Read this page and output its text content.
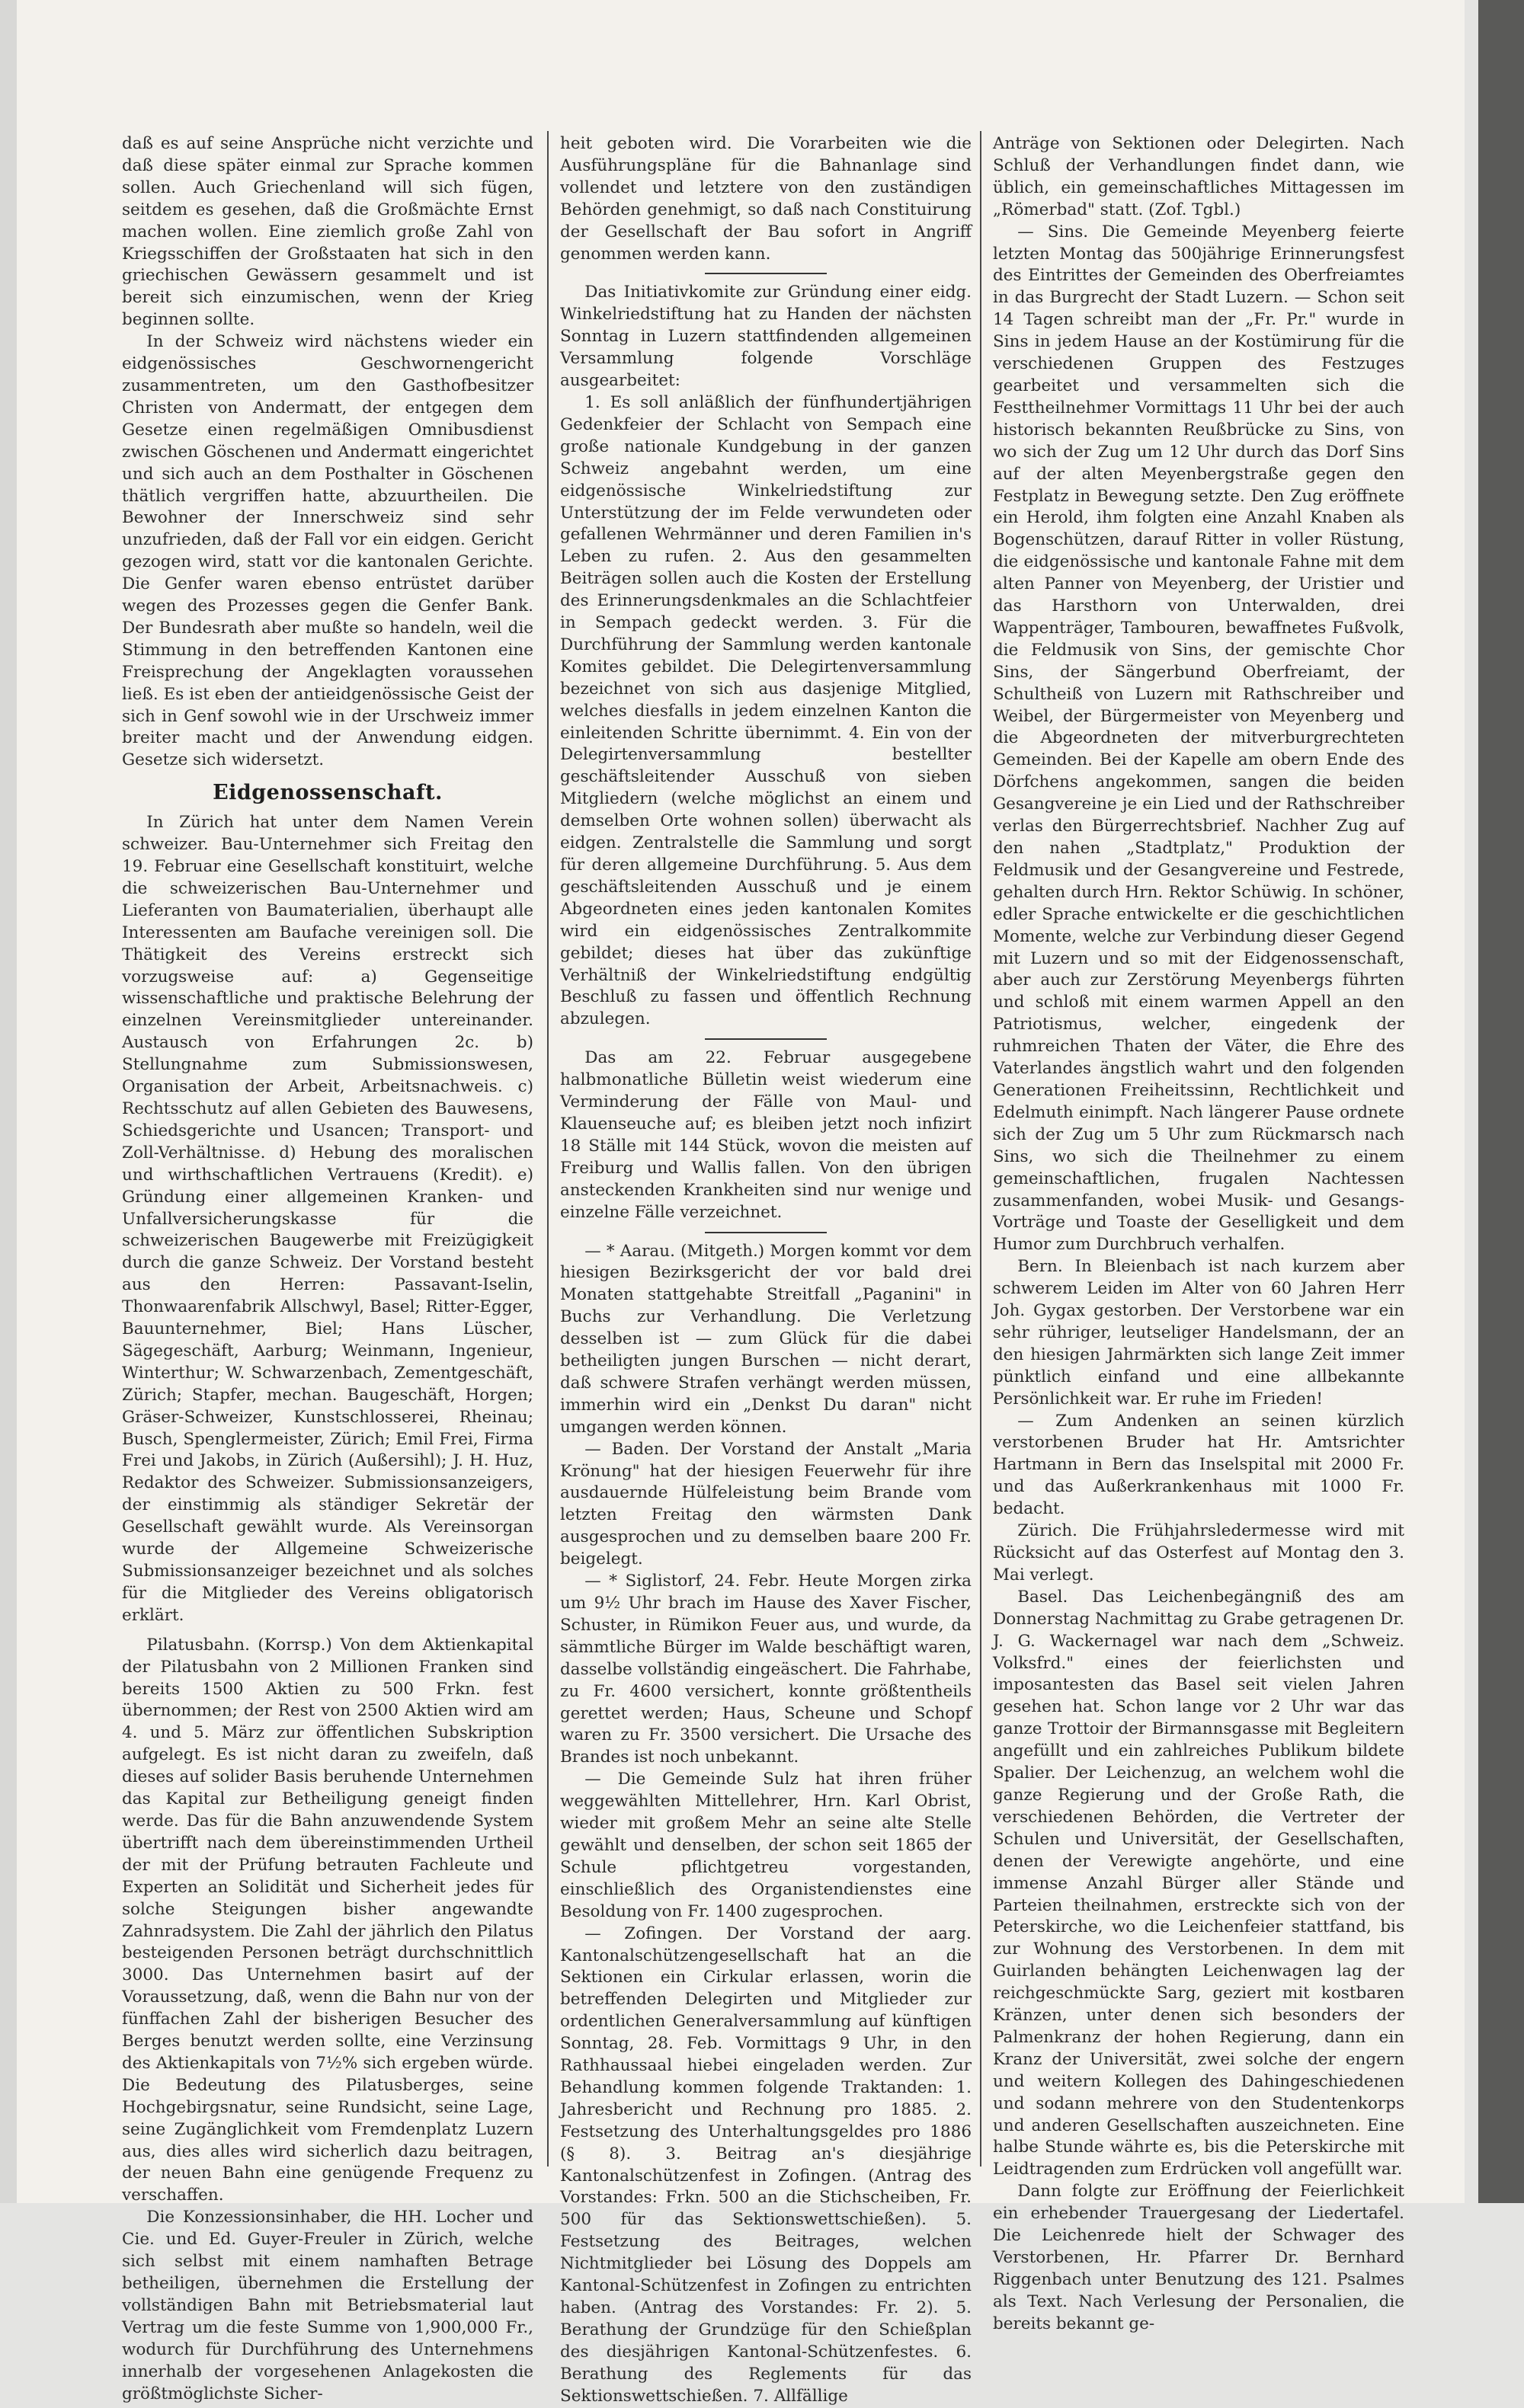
daß es auf seine Ansprüche nicht verzichte und daß diese später einmal zur Sprache kommen sollen. Auch Griechenland will sich fügen, seitdem es gesehen, daß die Großmächte Ernst machen wollen. Eine ziemlich große Zahl von Kriegsschiffen der Großstaaten hat sich in den griechischen Gewässern gesammelt und ist bereit sich einzumischen, wenn der Krieg beginnen sollte.

In der Schweiz wird nächstens wieder ein eidgenössisches Geschwornengericht zusammentreten, um den Gasthofbesitzer Christen von Andermatt, der entgegen dem Gesetze einen regelmäßigen Omnibusdienst zwischen Göschenen und Andermatt eingerichtet und sich auch an dem Posthalter in Göschenen thätlich vergriffen hatte, abzuurtheilen. Die Bewohner der Innerschweiz sind sehr unzufrieden, daß der Fall vor ein eidgen. Gericht gezogen wird, statt vor die kantonalen Gerichte. Die Genfer waren ebenso entrüstet darüber wegen des Prozesses gegen die Genfer Bank. Der Bundesrath aber mußte so handeln, weil die Stimmung in den betreffenden Kantonen eine Freisprechung der Angeklagten voraussehen ließ. Es ist eben der antieidgenössische Geist der sich in Genf sowohl wie in der Urschweiz immer breiter macht und der Anwendung eidgen. Gesetze sich widersetzt.

Eidgenossenschaft.

In Zürich hat unter dem Namen Verein schweizer. Bau-Unternehmer sich Freitag den 19. Februar eine Gesellschaft konstituirt, welche die schweizerischen Bau-Unternehmer und Lieferanten von Baumaterialien, überhaupt alle Interessenten am Baufache vereinigen soll. Die Thätigkeit des Vereins erstreckt sich vorzugsweise auf: a) Gegenseitige wissenschaftliche und praktische Belehrung der einzelnen Vereinsmitglieder untereinander. Austausch von Erfahrungen 2c. b) Stellungnahme zum Submissionswesen, Organisation der Arbeit, Arbeitsnachweis. c) Rechtsschutz auf allen Gebieten des Bauwesens, Schiedsgerichte und Usancen; Transport- und Zoll-Verhältnisse. d) Hebung des moralischen und wirthschaftlichen Vertrauens (Kredit). e) Gründung einer allgemeinen Kranken- und Unfallversicherungskasse für die schweizerischen Baugewerbe mit Freizügigkeit durch die ganze Schweiz. Der Vorstand besteht aus den Herren: Passavant-Iselin, Thonwaarenfabrik Allschwyl, Basel; Ritter-Egger, Bauunternehmer, Biel; Hans Lüscher, Sägegeschäft, Aarburg; Weinmann, Ingenieur, Winterthur; W. Schwarzenbach, Zementgeschäft, Zürich; Stapfer, mechan. Baugeschäft, Horgen; Gräser-Schweizer, Kunstschlosserei, Rheinau; Busch, Spenglermeister, Zürich; Emil Frei, Firma Frei und Jakobs, in Zürich (Außersihl); J. H. Huz, Redaktor des Schweizer. Submissionsanzeigers, der einstimmig als ständiger Sekretär der Gesellschaft gewählt wurde. Als Vereinsorgan wurde der Allgemeine Schweizerische Submissionsanzeiger bezeichnet und als solches für die Mitglieder des Vereins obligatorisch erklärt.

Pilatusbahn. (Korrsp.) Von dem Aktienkapital der Pilatusbahn von 2 Millionen Franken sind bereits 1500 Aktien zu 500 Frkn. fest übernommen; der Rest von 2500 Aktien wird am 4. und 5. März zur öffentlichen Subskription aufgelegt. Es ist nicht daran zu zweifeln, daß dieses auf solider Basis beruhende Unternehmen das Kapital zur Betheiligung geneigt finden werde. Das für die Bahn anzuwendende System übertrifft nach dem übereinstimmenden Urtheil der mit der Prüfung betrauten Fachleute und Experten an Solidität und Sicherheit jedes für solche Steigungen bisher angewandte Zahnradsystem. Die Zahl der jährlich den Pilatus besteigenden Personen beträgt durchschnittlich 3000. Das Unternehmen basirt auf der Voraussetzung, daß, wenn die Bahn nur von der fünffachen Zahl der bisherigen Besucher des Berges benutzt werden sollte, eine Verzinsung des Aktienkapitals von 7½% sich ergeben würde. Die Bedeutung des Pilatusberges, seine Hochgebirgsnatur, seine Rundsicht, seine Lage, seine Zugänglichkeit vom Fremdenplatz Luzern aus, dies alles wird sicherlich dazu beitragen, der neuen Bahn eine genügende Frequenz zu verschaffen.

Die Konzessionsinhaber, die HH. Locher und Cie. und Ed. Guyer-Freuler in Zürich, welche sich selbst mit einem namhaften Betrage betheiligen, übernehmen die Erstellung der vollständigen Bahn mit Betriebsmaterial laut Vertrag um die feste Summe von 1,900,000 Fr., wodurch für Durchführung des Unternehmens innerhalb der vorgesehenen Anlagekosten die größtmöglichste Sicher-

heit geboten wird. Die Vorarbeiten wie die Ausführungspläne für die Bahnanlage sind vollendet und letztere von den zuständigen Behörden genehmigt, so daß nach Constituirung der Gesellschaft der Bau sofort in Angriff genommen werden kann.

Das Initiativkomite zur Gründung einer eidg. Winkelriedstiftung hat zu Handen der nächsten Sonntag in Luzern stattfindenden allgemeinen Versammlung folgende Vorschläge ausgearbeitet:

1. Es soll anläßlich der fünfhundertjährigen Gedenkfeier der Schlacht von Sempach eine große nationale Kundgebung in der ganzen Schweiz angebahnt werden, um eine eidgenössische Winkelriedstiftung zur Unterstützung der im Felde verwundeten oder gefallenen Wehrmänner und deren Familien in's Leben zu rufen. 2. Aus den gesammelten Beiträgen sollen auch die Kosten der Erstellung des Erinnerungsdenkmales an die Schlachtfeier in Sempach gedeckt werden. 3. Für die Durchführung der Sammlung werden kantonale Komites gebildet. Die Delegirtenversammlung bezeichnet von sich aus dasjenige Mitglied, welches diesfalls in jedem einzelnen Kanton die einleitenden Schritte übernimmt. 4. Ein von der Delegirtenversammlung bestellter geschäftsleitender Ausschuß von sieben Mitgliedern (welche möglichst an einem und demselben Orte wohnen sollen) überwacht als eidgen. Zentralstelle die Sammlung und sorgt für deren allgemeine Durchführung. 5. Aus dem geschäftsleitenden Ausschuß und je einem Abgeordneten eines jeden kantonalen Komites wird ein eidgenössisches Zentralkommite gebildet; dieses hat über das zukünftige Verhältniß der Winkelriedstiftung endgültig Beschluß zu fassen und öffentlich Rechnung abzulegen.

Das am 22. Februar ausgegebene halbmonatliche Bülletin weist wiederum eine Verminderung der Fälle von Maul- und Klauenseuche auf; es bleiben jetzt noch infizirt 18 Ställe mit 144 Stück, wovon die meisten auf Freiburg und Wallis fallen. Von den übrigen ansteckenden Krankheiten sind nur wenige und einzelne Fälle verzeichnet.

— * Aarau. (Mitgeth.) Morgen kommt vor dem hiesigen Bezirksgericht der vor bald drei Monaten stattgehabte Streitfall „Paganini" in Buchs zur Verhandlung. Die Verletzung desselben ist — zum Glück für die dabei betheiligten jungen Burschen — nicht derart, daß schwere Strafen verhängt werden müssen, immerhin wird ein „Denkst Du daran" nicht umgangen werden können.

— Baden. Der Vorstand der Anstalt „Maria Krönung" hat der hiesigen Feuerwehr für ihre ausdauernde Hülfeleistung beim Brande vom letzten Freitag den wärmsten Dank ausgesprochen und zu demselben baare 200 Fr. beigelegt.

— * Siglistorf, 24. Febr. Heute Morgen zirka um 9½ Uhr brach im Hause des Xaver Fischer, Schuster, in Rümikon Feuer aus, und wurde, da sämmtliche Bürger im Walde beschäftigt waren, dasselbe vollständig eingeäschert. Die Fahrhabe, zu Fr. 4600 versichert, konnte größtentheils gerettet werden; Haus, Scheune und Schopf waren zu Fr. 3500 versichert. Die Ursache des Brandes ist noch unbekannt.

— Die Gemeinde Sulz hat ihren früher weggewählten Mittellehrer, Hrn. Karl Obrist, wieder mit großem Mehr an seine alte Stelle gewählt und denselben, der schon seit 1865 der Schule pflichtgetreu vorgestanden, einschließlich des Organistendienstes eine Besoldung von Fr. 1400 zugesprochen.

— Zofingen. Der Vorstand der aarg. Kantonalschützengesellschaft hat an die Sektionen ein Cirkular erlassen, worin die betreffenden Delegirten und Mitglieder zur ordentlichen Generalversammlung auf künftigen Sonntag, 28. Feb. Vormittags 9 Uhr, in den Rathhaussaal hiebei eingeladen werden. Zur Behandlung kommen folgende Traktanden: 1. Jahresbericht und Rechnung pro 1885. 2. Festsetzung des Unterhaltungsgeldes pro 1886 (§ 8). 3. Beitrag an's diesjährige Kantonalschützenfest in Zofingen. (Antrag des Vorstandes: Frkn. 500 an die Stichscheiben, Fr. 500 für das Sektionswettschießen). 5. Festsetzung des Beitrages, welchen Nichtmitglieder bei Lösung des Doppels am Kantonal-Schützenfest in Zofingen zu entrichten haben. (Antrag des Vorstandes: Fr. 2). 5. Berathung der Grundzüge für den Schießplan des diesjährigen Kantonal-Schützenfestes. 6. Berathung des Reglements für das Sektionswettschießen. 7. Allfällige

Anträge von Sektionen oder Delegirten. Nach Schluß der Verhandlungen findet dann, wie üblich, ein gemeinschaftliches Mittagessen im „Römerbad" statt. (Zof. Tgbl.)

— Sins. Die Gemeinde Meyenberg feierte letzten Montag das 500jährige Erinnerungsfest des Eintrittes der Gemeinden des Oberfreiamtes in das Burgrecht der Stadt Luzern. — Schon seit 14 Tagen schreibt man der „Fr. Pr." wurde in Sins in jedem Hause an der Kostümirung für die verschiedenen Gruppen des Festzuges gearbeitet und versammelten sich die Festtheilnehmer Vormittags 11 Uhr bei der auch historisch bekannten Reußbrücke zu Sins, von wo sich der Zug um 12 Uhr durch das Dorf Sins auf der alten Meyenbergstraße gegen den Festplatz in Bewegung setzte. Den Zug eröffnete ein Herold, ihm folgten eine Anzahl Knaben als Bogenschützen, darauf Ritter in voller Rüstung, die eidgenössische und kantonale Fahne mit dem alten Panner von Meyenberg, der Uristier und das Harsthorn von Unterwalden, drei Wappenträger, Tambouren, bewaffnetes Fußvolk, die Feldmusik von Sins, der gemischte Chor Sins, der Sängerbund Oberfreiamt, der Schultheiß von Luzern mit Rathschreiber und Weibel, der Bürgermeister von Meyenberg und die Abgeordneten der mitverburgrechteten Gemeinden. Bei der Kapelle am obern Ende des Dörfchens angekommen, sangen die beiden Gesangvereine je ein Lied und der Rathschreiber verlas den Bürgerrechtsbrief. Nachher Zug auf den nahen „Stadtplatz," Produktion der Feldmusik und der Gesangvereine und Festrede, gehalten durch Hrn. Rektor Schüwig. In schöner, edler Sprache entwickelte er die geschichtlichen Momente, welche zur Verbindung dieser Gegend mit Luzern und so mit der Eidgenossenschaft, aber auch zur Zerstörung Meyenbergs führten und schloß mit einem warmen Appell an den Patriotismus, welcher, eingedenk der ruhmreichen Thaten der Väter, die Ehre des Vaterlandes ängstlich wahrt und den folgenden Generationen Freiheitssinn, Rechtlichkeit und Edelmuth einimpft. Nach längerer Pause ordnete sich der Zug um 5 Uhr zum Rückmarsch nach Sins, wo sich die Theilnehmer zu einem gemeinschaftlichen, frugalen Nachtessen zusammenfanden, wobei Musik- und Gesangs-Vorträge und Toaste der Geselligkeit und dem Humor zum Durchbruch verhalfen.

Bern. In Bleienbach ist nach kurzem aber schwerem Leiden im Alter von 60 Jahren Herr Joh. Gygax gestorben. Der Verstorbene war ein sehr rühriger, leutseliger Handelsmann, der an den hiesigen Jahrmärkten sich lange Zeit immer pünktlich einfand und eine allbekannte Persönlichkeit war. Er ruhe im Frieden!

— Zum Andenken an seinen kürzlich verstorbenen Bruder hat Hr. Amtsrichter Hartmann in Bern das Inselspital mit 2000 Fr. und das Außerkrankenhaus mit 1000 Fr. bedacht.

Zürich. Die Frühjahrsledermesse wird mit Rücksicht auf das Osterfest auf Montag den 3. Mai verlegt.

Basel. Das Leichenbegängniß des am Donnerstag Nachmittag zu Grabe getragenen Dr. J. G. Wackernagel war nach dem „Schweiz. Volksfrd." eines der feierlichsten und imposantesten das Basel seit vielen Jahren gesehen hat. Schon lange vor 2 Uhr war das ganze Trottoir der Birmannsgasse mit Begleitern angefüllt und ein zahlreiches Publikum bildete Spalier. Der Leichenzug, an welchem wohl die ganze Regierung und der Große Rath, die verschiedenen Behörden, die Vertreter der Schulen und Universität, der Gesellschaften, denen der Verewigte angehörte, und eine immense Anzahl Bürger aller Stände und Parteien theilnahmen, erstreckte sich von der Peterskirche, wo die Leichenfeier stattfand, bis zur Wohnung des Verstorbenen. In dem mit Guirlanden behängten Leichenwagen lag der reichgeschmückte Sarg, geziert mit kostbaren Kränzen, unter denen sich besonders der Palmenkranz der hohen Regierung, dann ein Kranz der Universität, zwei solche der engern und weitern Kollegen des Dahingeschiedenen und sodann mehrere von den Studentenkorps und anderen Gesellschaften auszeichneten. Eine halbe Stunde währte es, bis die Peterskirche mit Leidtragenden zum Erdrücken voll angefüllt war.

Dann folgte zur Eröffnung der Feierlichkeit ein erhebender Trauergesang der Liedertafel. Die Leichenrede hielt der Schwager des Verstorbenen, Hr. Pfarrer Dr. Bernhard Riggenbach unter Benutzung des 121. Psalmes als Text. Nach Verlesung der Personalien, die bereits bekannt ge-
